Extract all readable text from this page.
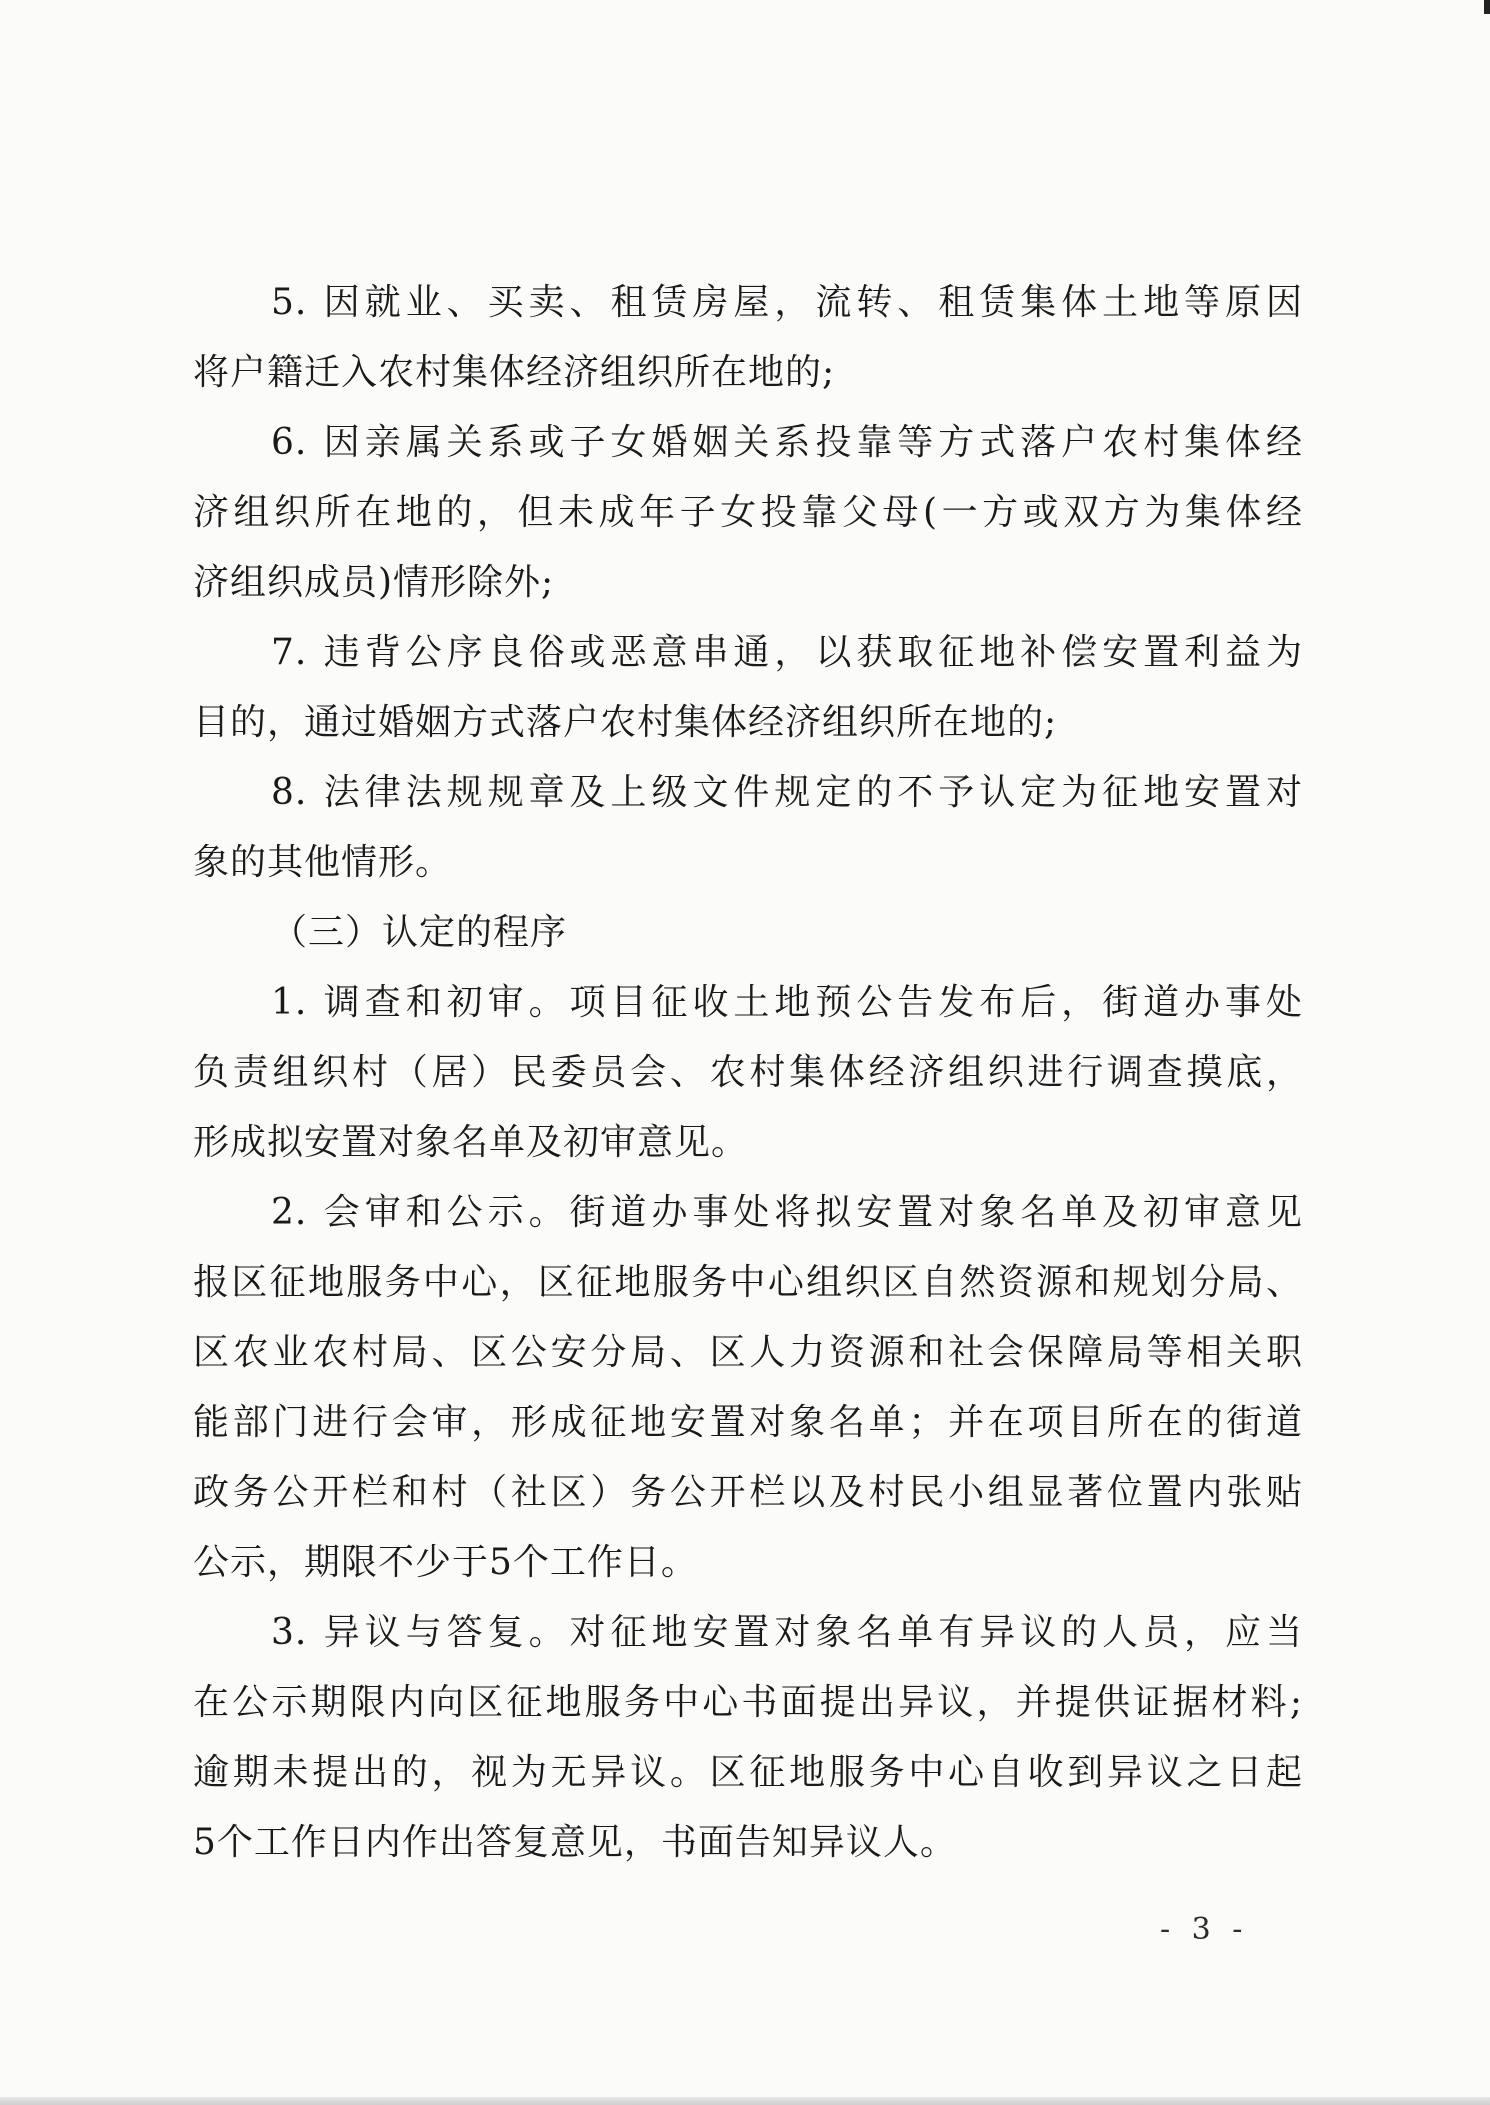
5. 因就业、买卖、租赁房屋，流转、租赁集体土地等原因
将户籍迁入农村集体经济组织所在地的;
6. 因亲属关系或子女婚姻关系投靠等方式落户农村集体经
济组织所在地的，但未成年子女投靠父母(一方或双方为集体经
济组织成员)情形除外;
7. 违背公序良俗或恶意串通，以获取征地补偿安置利益为
目的，通过婚姻方式落户农村集体经济组织所在地的;
8. 法律法规规章及上级文件规定的不予认定为征地安置对
象的其他情形。
（三）认定的程序
1. 调查和初审。项目征收土地预公告发布后，街道办事处
负责组织村（居）民委员会、农村集体经济组织进行调查摸底，
形成拟安置对象名单及初审意见。
2. 会审和公示。街道办事处将拟安置对象名单及初审意见
报区征地服务中心，区征地服务中心组织区自然资源和规划分局、
区农业农村局、区公安分局、区人力资源和社会保障局等相关职
能部门进行会审，形成征地安置对象名单；并在项目所在的街道
政务公开栏和村（社区）务公开栏以及村民小组显著位置内张贴
公示，期限不少于5个工作日。
3. 异议与答复。对征地安置对象名单有异议的人员，应当
在公示期限内向区征地服务中心书面提出异议，并提供证据材料;
逾期未提出的，视为无异议。区征地服务中心自收到异议之日起
5个工作日内作出答复意见，书面告知异议人。
- 3 -
